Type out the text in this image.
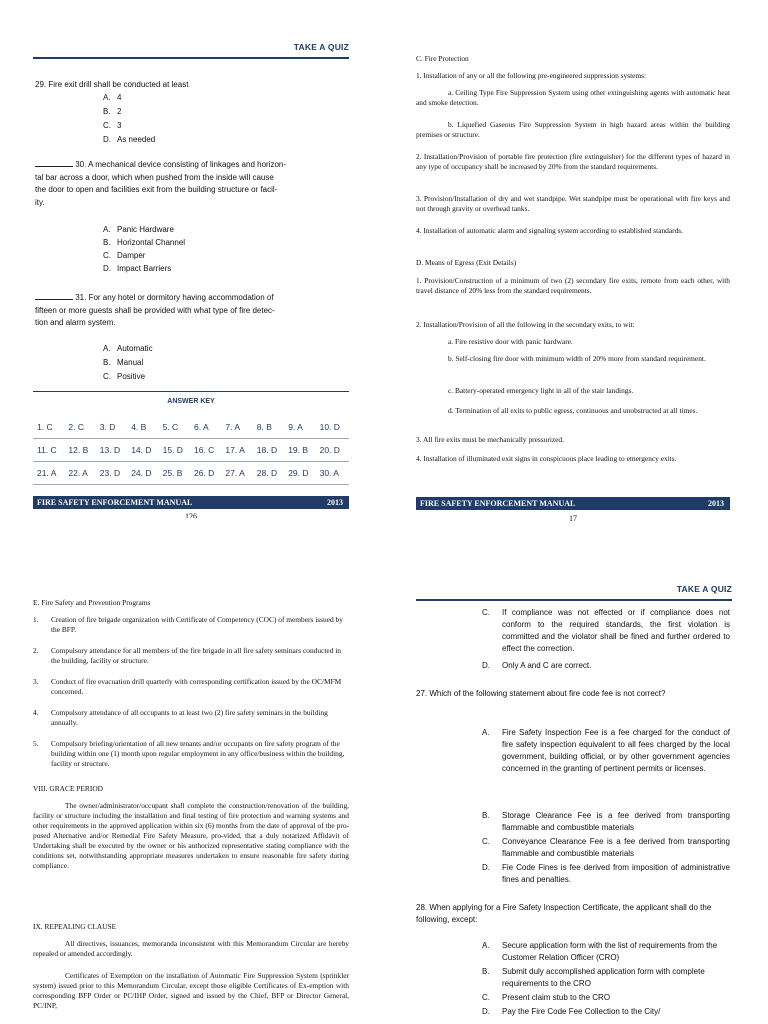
TAKE A QUIZ

29. Fire exit drill shall be conducted at least

A. 4
B. 2
C. 3
D. As needed
30. A mechanical device consisting of linkages and horizon-
tal bar across a door, which when pushed from the inside will cause
the door to open and facilities exit from the building structure or facil-
ity.
A. Panic Hardware
B. Horizontal Channel
C. Damper
D. Impact Barriers
31. For any hotel or dormitory having accommodation of
fifteen or more guests shall be provided with what type of fire detec-
tion and alarm system.
A. Automatic
B. Manual
C. Positive
ANSWER KEY
1. C 2. C 3. D 4. B 5. C 6. A 7. A 8. B 9. A 10. D
11. C 12. B 13. D 14. D 15. D 16. C 17. A 18. D 19. B 20. D
21. A 22. A 23. D 24. D 25. B 26. D 27. A 28. D 29. D 30. A
FIRE SAFETY ENFORCEMENT MANUAL	2013
126

C. Fire Protection

1. Installation of any or all the following pre-engineered suppression systems:

a. Ceiling Type Fire Suppression System using other extinguishing agents with automatic heat and smoke detection.

b. Liquefied Gaseous Fire Suppression System in high hazard areas within the building premises or structure.

2. Installation/Provision of portable fire protection (fire extinguisher) for the different types of hazard in any type of occupancy shall be increased by 20% from the standard requirements.

3. Provision/Installation of dry and wet standpipe. Wet standpipe must be operational with fire keys and not through gravity or overhead tanks.

4. Installation of automatic alarm and signaling system according to established standards.

D. Means of Egress (Exit Details)

1. Provision/Construction of a minimum of two (2) secondary fire exits, remote from each other, with travel distance of 20% less from the standard requirements.

2. Installation/Provision of all the following in the secondary exits, to wit:

a. Fire resistive door with panic hardware.

b. Self-closing fire door with minimum width of 20% more from standard requirement.

c. Battery-operated emergency light in all of the stair landings.

d. Termination of all exits to public egress, continuous and unobstructed at all times.

3. All fire exits must be mechanically pressurized.

4. Installation of illuminated exit signs in conspicuous place leading to emergency exits.

FIRE SAFETY ENFORCEMENT MANUAL	2013
17

E. Fire Safety and Prevention Programs

1. Creation of fire brigade organization with Certificate of Competency (COC) of members issued by the BFP.
2. Compulsory attendance for all members of the fire brigade in all fire safety seminars conducted in the building, facility or structure.
3. Conduct of fire evacuation drill quarterly with corresponding certification issued by the OC/MFM concerned.
4. Compulsory attendance of all occupants to at least two (2) fire safety seminars in the building annually.
5. Compulsory briefing/orientation of all new tenants and/or occupants on fire safety program of the building within one (1) month upon regular employment in any office/business within the building, facility or structure.

VIII. GRACE PERIOD

The owner/administrator/occupant shall complete the construction/renovation of the building, facility or structure including the installation and final testing of fire protection and warning systems and other requirements in the approved application within six (6) months from the date of approval of the pro-posed Alternative and/or Remedial Fire Safety Measure, pro-vided, that a duly notarized Affidavit of Undertaking shall be executed by the owner or his authorized representative stating compliance with the conditions set, notwithstanding appropriate measures undertaken to ensure reasonable fire safety during compliance.

IX. REPEALING CLAUSE

All directives, issuances, memoranda inconsistent with this Memorandum Circular are hereby repealed or amended accordingly.

Certificates of Exemption on the installation of Automatic Fire Suppression System (sprinkler system) issued prior to this Memorandum Circular, except those eligible Certificates of Ex-emption with corresponding BFP Order or PC/IHP Order, signed and issued by the Chief, BFP or Director General, PC/INP,

TAKE A QUIZ
C. If compliance was not effected or if compliance does not conform to the required standards, the first violation is committed and the violator shall be fined and further ordered to effect the correction.
D. Only A and C are correct.

27. Which of the following statement about fire code fee is not correct?

A. Fire Safety Inspection Fee is a fee charged for the conduct of fire safety inspection equivalent to all fees charged by the local government, building official, or by other government agencies concerned in the granting of pertinent permits or licenses.
B. Storage Clearance Fee is a fee derived from transporting flammable and combustible materials
C. Conveyance Clearance Fee is a fee derived from transporting flammable and combustible materials
D. Fie Code Fines is fee derived from imposition of administrative fines and penalties.

28. When applying for a Fire Safety Inspection Certificate, the applicant shall do the following, except:

A. Secure application form with the list of requirements from the Customer Relation Officer (CRO)
B. Submit duly accomplished application form with complete requirements to the CRO
C. Present claim stub to the CRO
D. Pay the Fire Code Fee Collection to the City/
